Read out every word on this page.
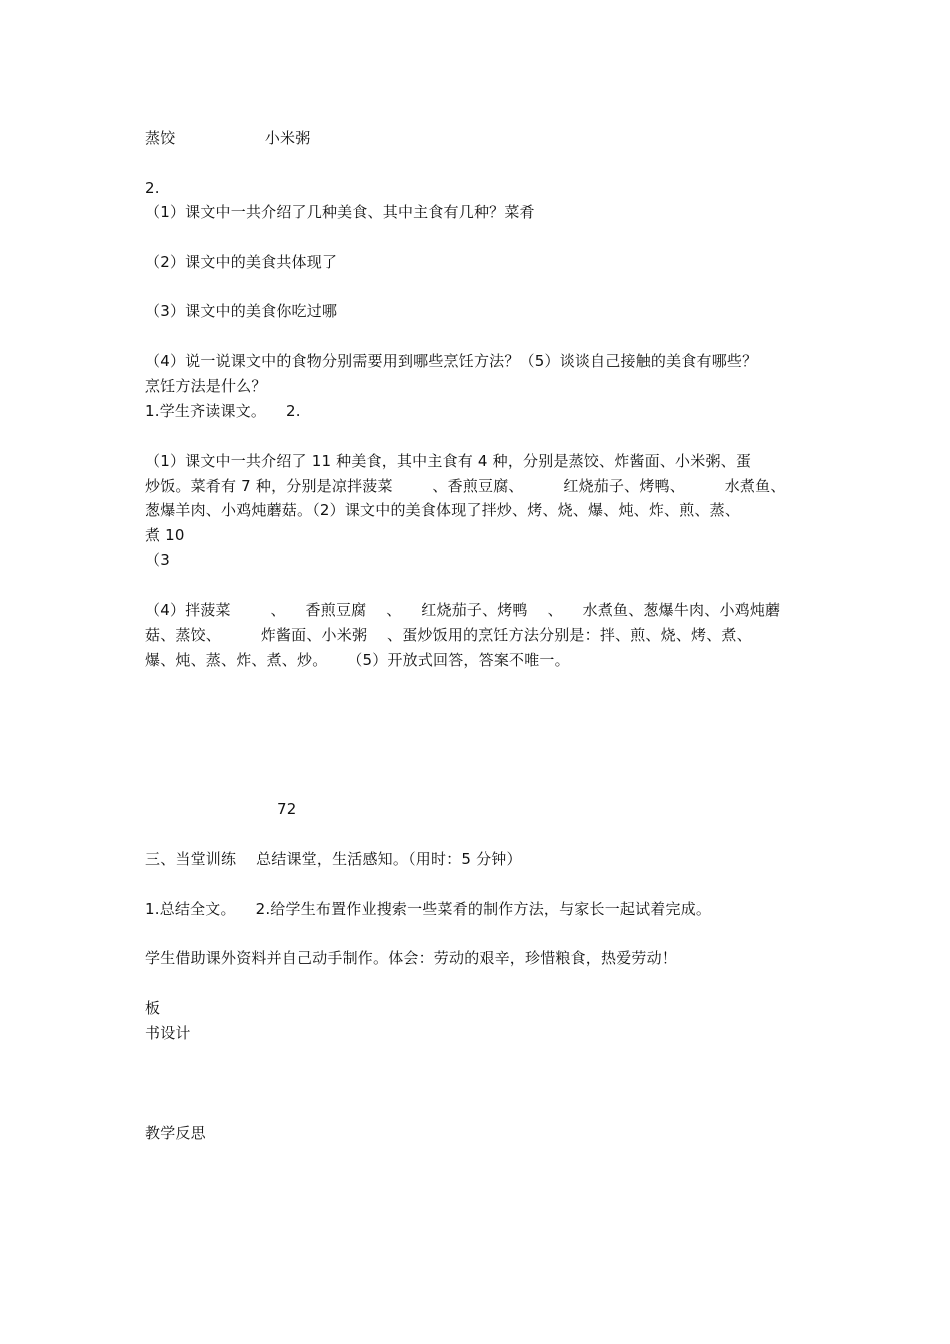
蒸饺                  小米粥
2.
（1）课文中一共介绍了几种美食、其中主食有几种？菜肴
（2）课文中的美食共体现了
（3）课文中的美食你吃过哪
（4）说一说课文中的食物分别需要用到哪些烹饪方法？（5）谈谈自己接触的美食有哪些？
烹饪方法是什么？
1.学生齐读课文。    2.
（1）课文中一共介绍了 11 种美食，其中主食有 4 种，分别是蒸饺、炸酱面、小米粥、蛋
炒饭。菜肴有 7 种，分别是凉拌菠菜        、香煎豆腐、        红烧茄子、烤鸭、        水煮鱼、
葱爆羊肉、小鸡炖蘑菇。（2）课文中的美食体现了拌炒、烤、烧、爆、炖、炸、煎、蒸、
煮 10
（3
（4）拌菠菜        、    香煎豆腐    、    红烧茄子、烤鸭    、    水煮鱼、葱爆牛肉、小鸡炖蘑
菇、蒸饺、        炸酱面、小米粥    、蛋炒饭用的烹饪方法分别是：拌、煎、烧、烤、煮、
爆、炖、蒸、炸、煮、炒。    （5）开放式回答，答案不唯一。
72
三、当堂训练    总结课堂，生活感知。（用时：5 分钟）
1.总结全文。    2.给学生布置作业搜索一些菜肴的制作方法，与家长一起试着完成。
学生借助课外资料并自己动手制作。体会：劳动的艰辛，珍惜粮食，热爱劳动！
板
书设计
教学反思
